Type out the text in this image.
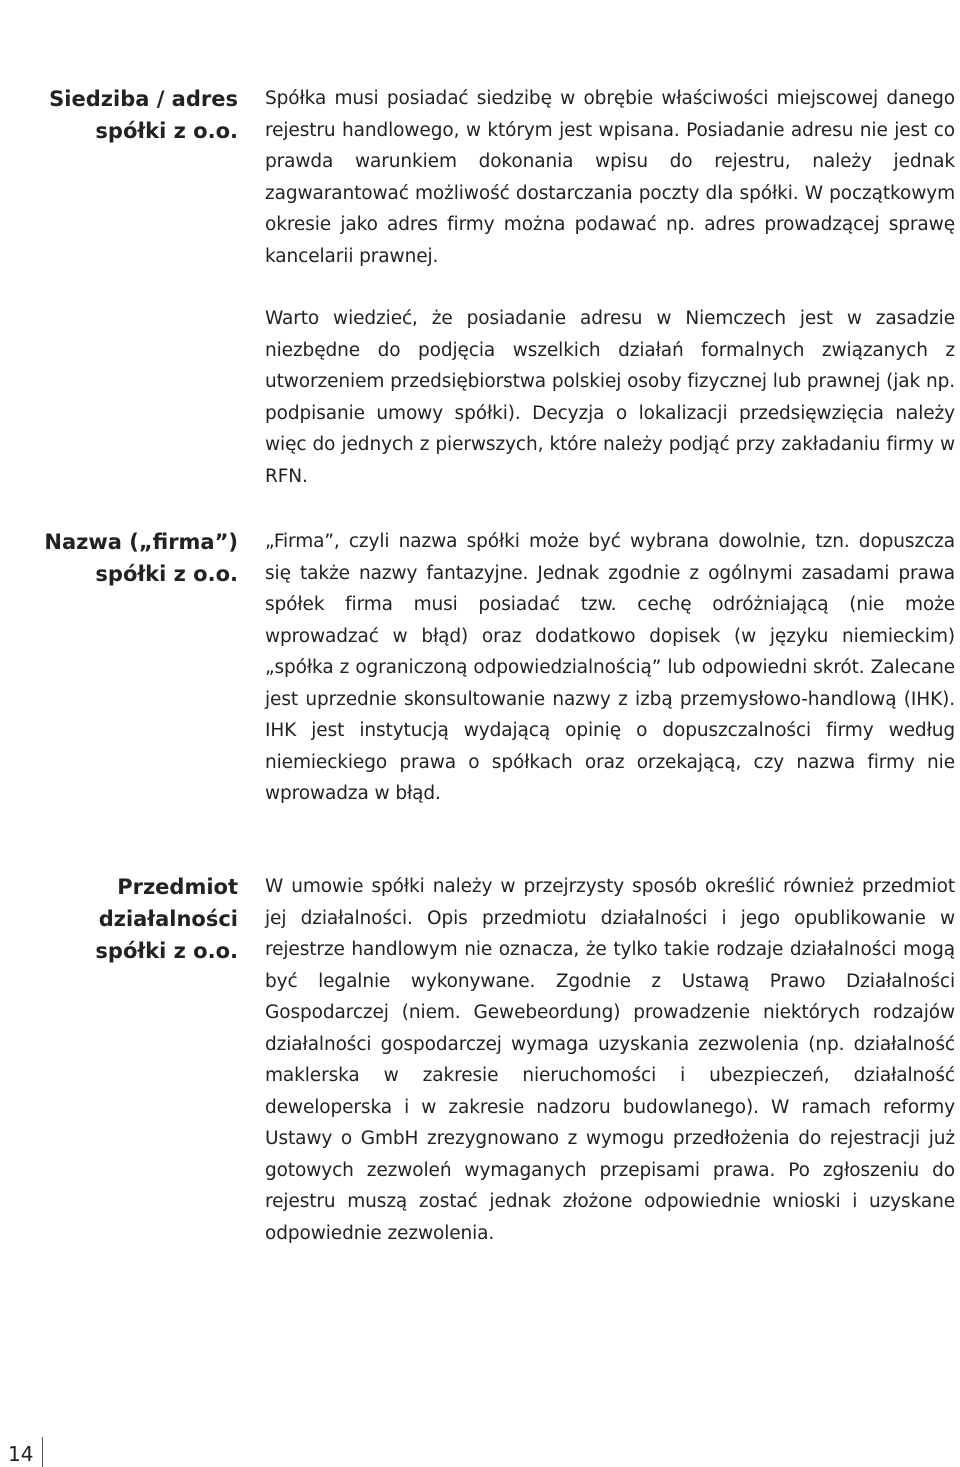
Siedziba / adres
spółki z o.o.

Spółka musi posiadać siedzibę w obrębie właściwości miejscowej danego rejestru handlowego, w którym jest wpisana. Posiadanie adresu nie jest co prawda warunkiem dokonania wpisu do rejestru, należy jednak zagwarantować możliwość dostarczania poczty dla spółki. W początkowym okresie jako adres firmy można podawać np. adres prowadzącej sprawę kancelarii prawnej.

Warto wiedzieć, że posiadanie adresu w Niemczech jest w zasadzie niezbędne do podjęcia wszelkich działań formalnych związanych z utworzeniem przedsiębiorstwa polskiej osoby fizycznej lub prawnej (jak np. podpisanie umowy spółki). Decyzja o lokalizacji przedsięwzięcia należy więc do jednych z pierwszych, które należy podjąć przy zakładaniu firmy w RFN.

Nazwa („firma”)
spółki z o.o.

„Firma”, czyli nazwa spółki może być wybrana dowolnie, tzn. dopuszcza się także nazwy fantazyjne. Jednak zgodnie z ogólnymi zasadami prawa spółek firma musi posiadać tzw. cechę odróżniającą (nie może wprowadzać w błąd) oraz dodatkowo dopisek (w języku niemieckim) „spółka z ograniczoną odpowiedzialnością” lub odpowiedni skrót. Zalecane jest uprzednie skonsultowanie nazwy z izbą przemysłowo-handlową (IHK). IHK jest instytucją wydającą opinię o dopuszczalności firmy według niemieckiego prawa o spółkach oraz orzekającą, czy nazwa firmy nie wprowadza w błąd.

Przedmiot
działalności
spółki z o.o.

W umowie spółki należy w przejrzysty sposób określić również przedmiot jej działalności. Opis przedmiotu działalności i jego opublikowanie w rejestrze handlowym nie oznacza, że tylko takie rodzaje działalności mogą być legalnie wykonywane. Zgodnie z Ustawą Prawo Działalności Gospodarczej (niem. Gewebeordung) prowadzenie niektórych rodzajów działalności gospodarczej wymaga uzyskania zezwolenia (np. działalność maklerska w zakresie nieruchomości i ubezpieczeń, działalność deweloperska i w zakresie nadzoru budowlanego). W ramach reformy Ustawy o GmbH zrezygnowano z wymogu przedłożenia do rejestracji już gotowych zezwoleń wymaganych przepisami prawa. Po zgłoszeniu do rejestru muszą zostać jednak złożone odpowiednie wnioski i uzyskane odpowiednie zezwolenia.

14
